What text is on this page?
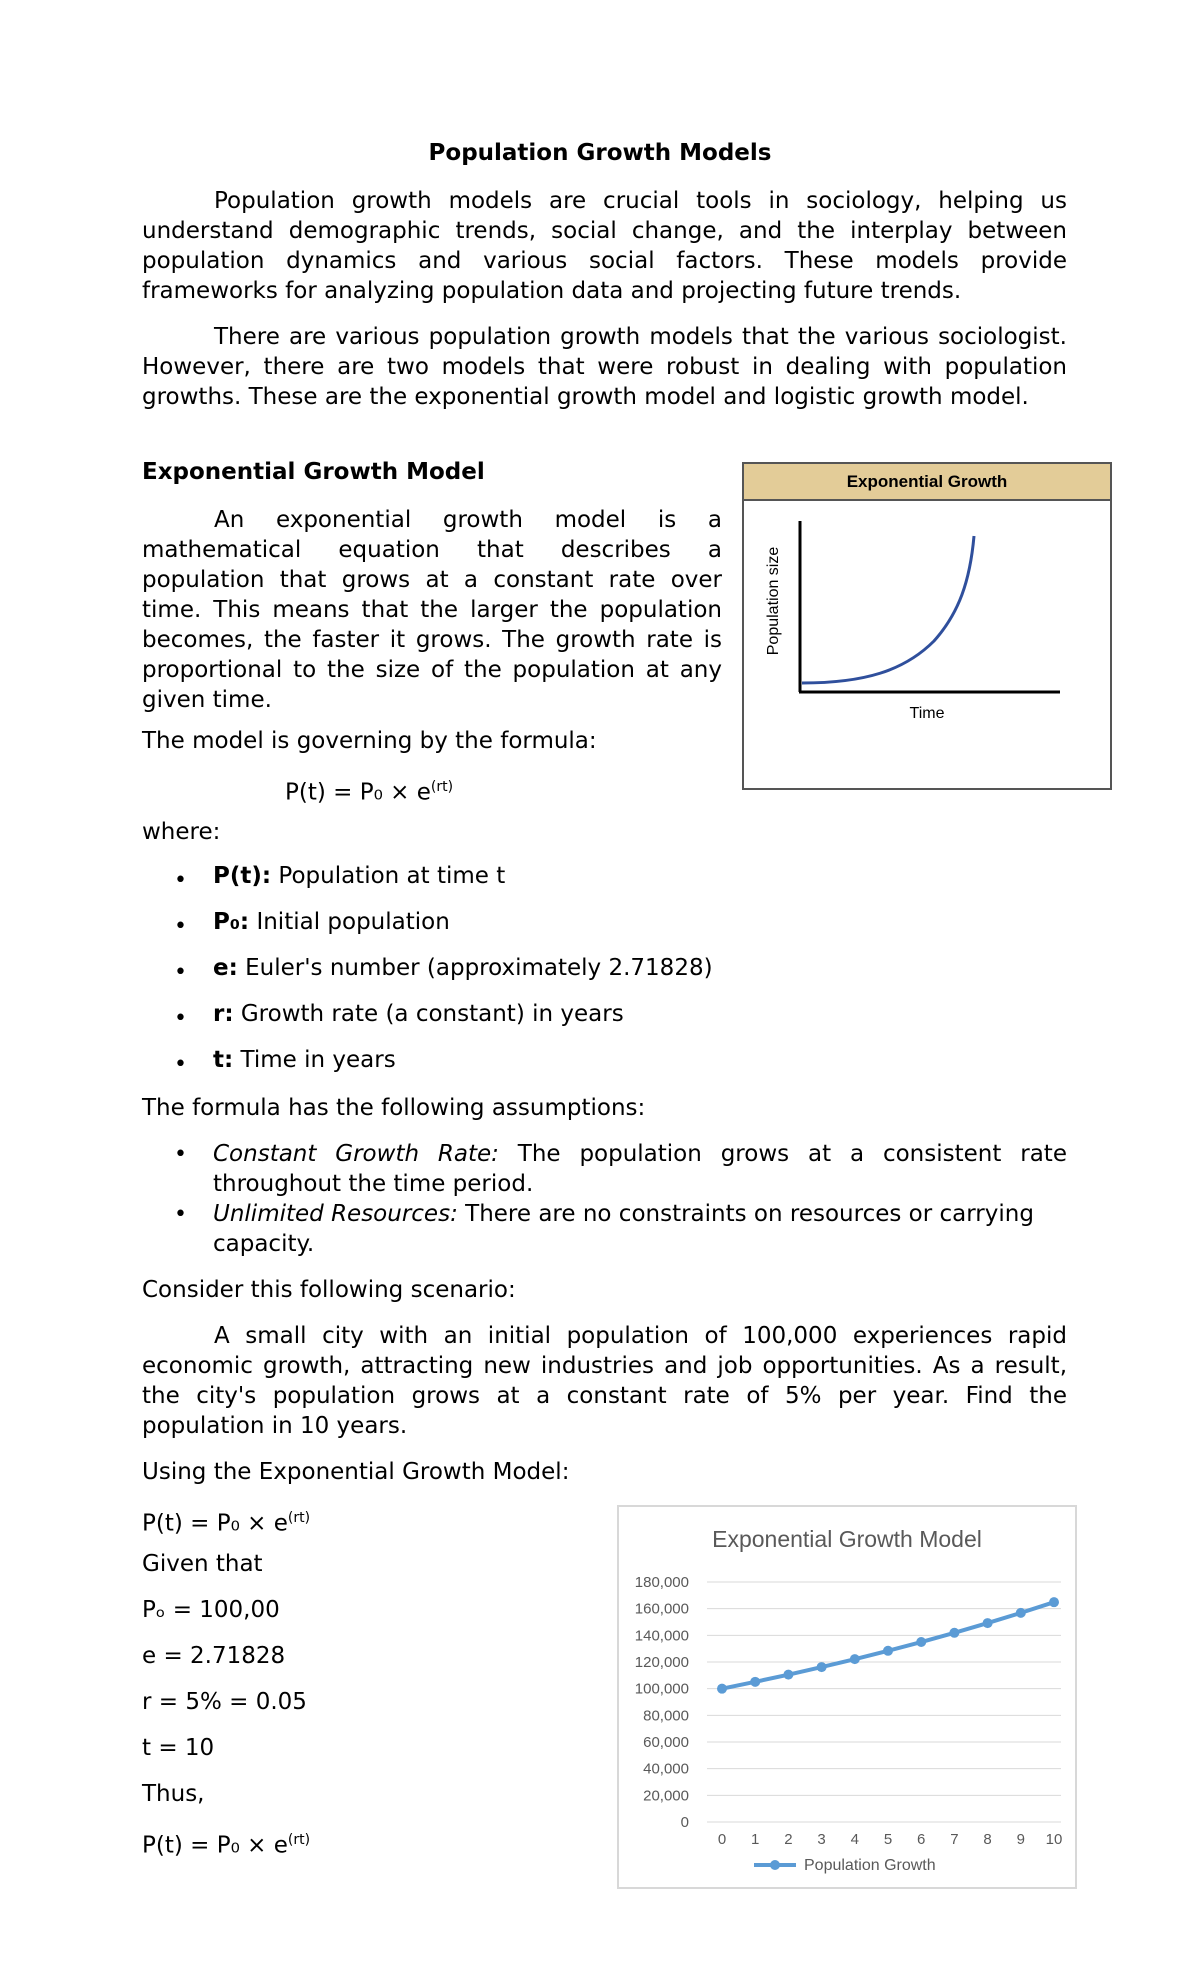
Population Growth Models

Population growth models are crucial tools in sociology, helping us understand demographic trends, social change, and the interplay between population dynamics and various social factors. These models provide frameworks for analyzing population data and projecting future trends.

There are various population growth models that the various sociologist. However, there are two models that were robust in dealing with population growths. These are the exponential growth model and logistic growth model.

Exponential Growth Model

An exponential growth model is a mathematical equation that describes a population that grows at a constant rate over time. This means that the larger the population becomes, the faster it grows. The growth rate is proportional to the size of the population at any given time.

Exponential Growth
Population size
Time
The model is governing by the formula:
$P(t) = P_0 \times e^{(rt)}$
where:
• P(t): Population at time t
• P₀: Initial population
• e: Euler's number (approximately 2.71828)
• r: Growth rate (a constant) in years
• t: Time in years
The formula has the following assumptions:
• Constant Growth Rate: The population grows at a consistent rate throughout the time period.
• Unlimited Resources: There are no constraints on resources or carrying capacity.
Consider this following scenario:

A small city with an initial population of 100,000 experiences rapid economic growth, attracting new industries and job opportunities. As a result, the city's population grows at a constant rate of 5% per year. Find the population in 10 years.

Using the Exponential Growth Model:
$P(t) = P_0 \times e^{(rt)}$
Given that
Pₒ = 100,00
e = 2.71828
r = 5% = 0.05
t = 10
Thus,
$P(t) = P_0 \times e^{(rt)}$
Exponential Growth Model
0
20,000
40,000
60,000
80,000
100,000
120,000
140,000
160,000
180,000
0 1 2 3 4 5 6 7 8 9 10
Population Growth
